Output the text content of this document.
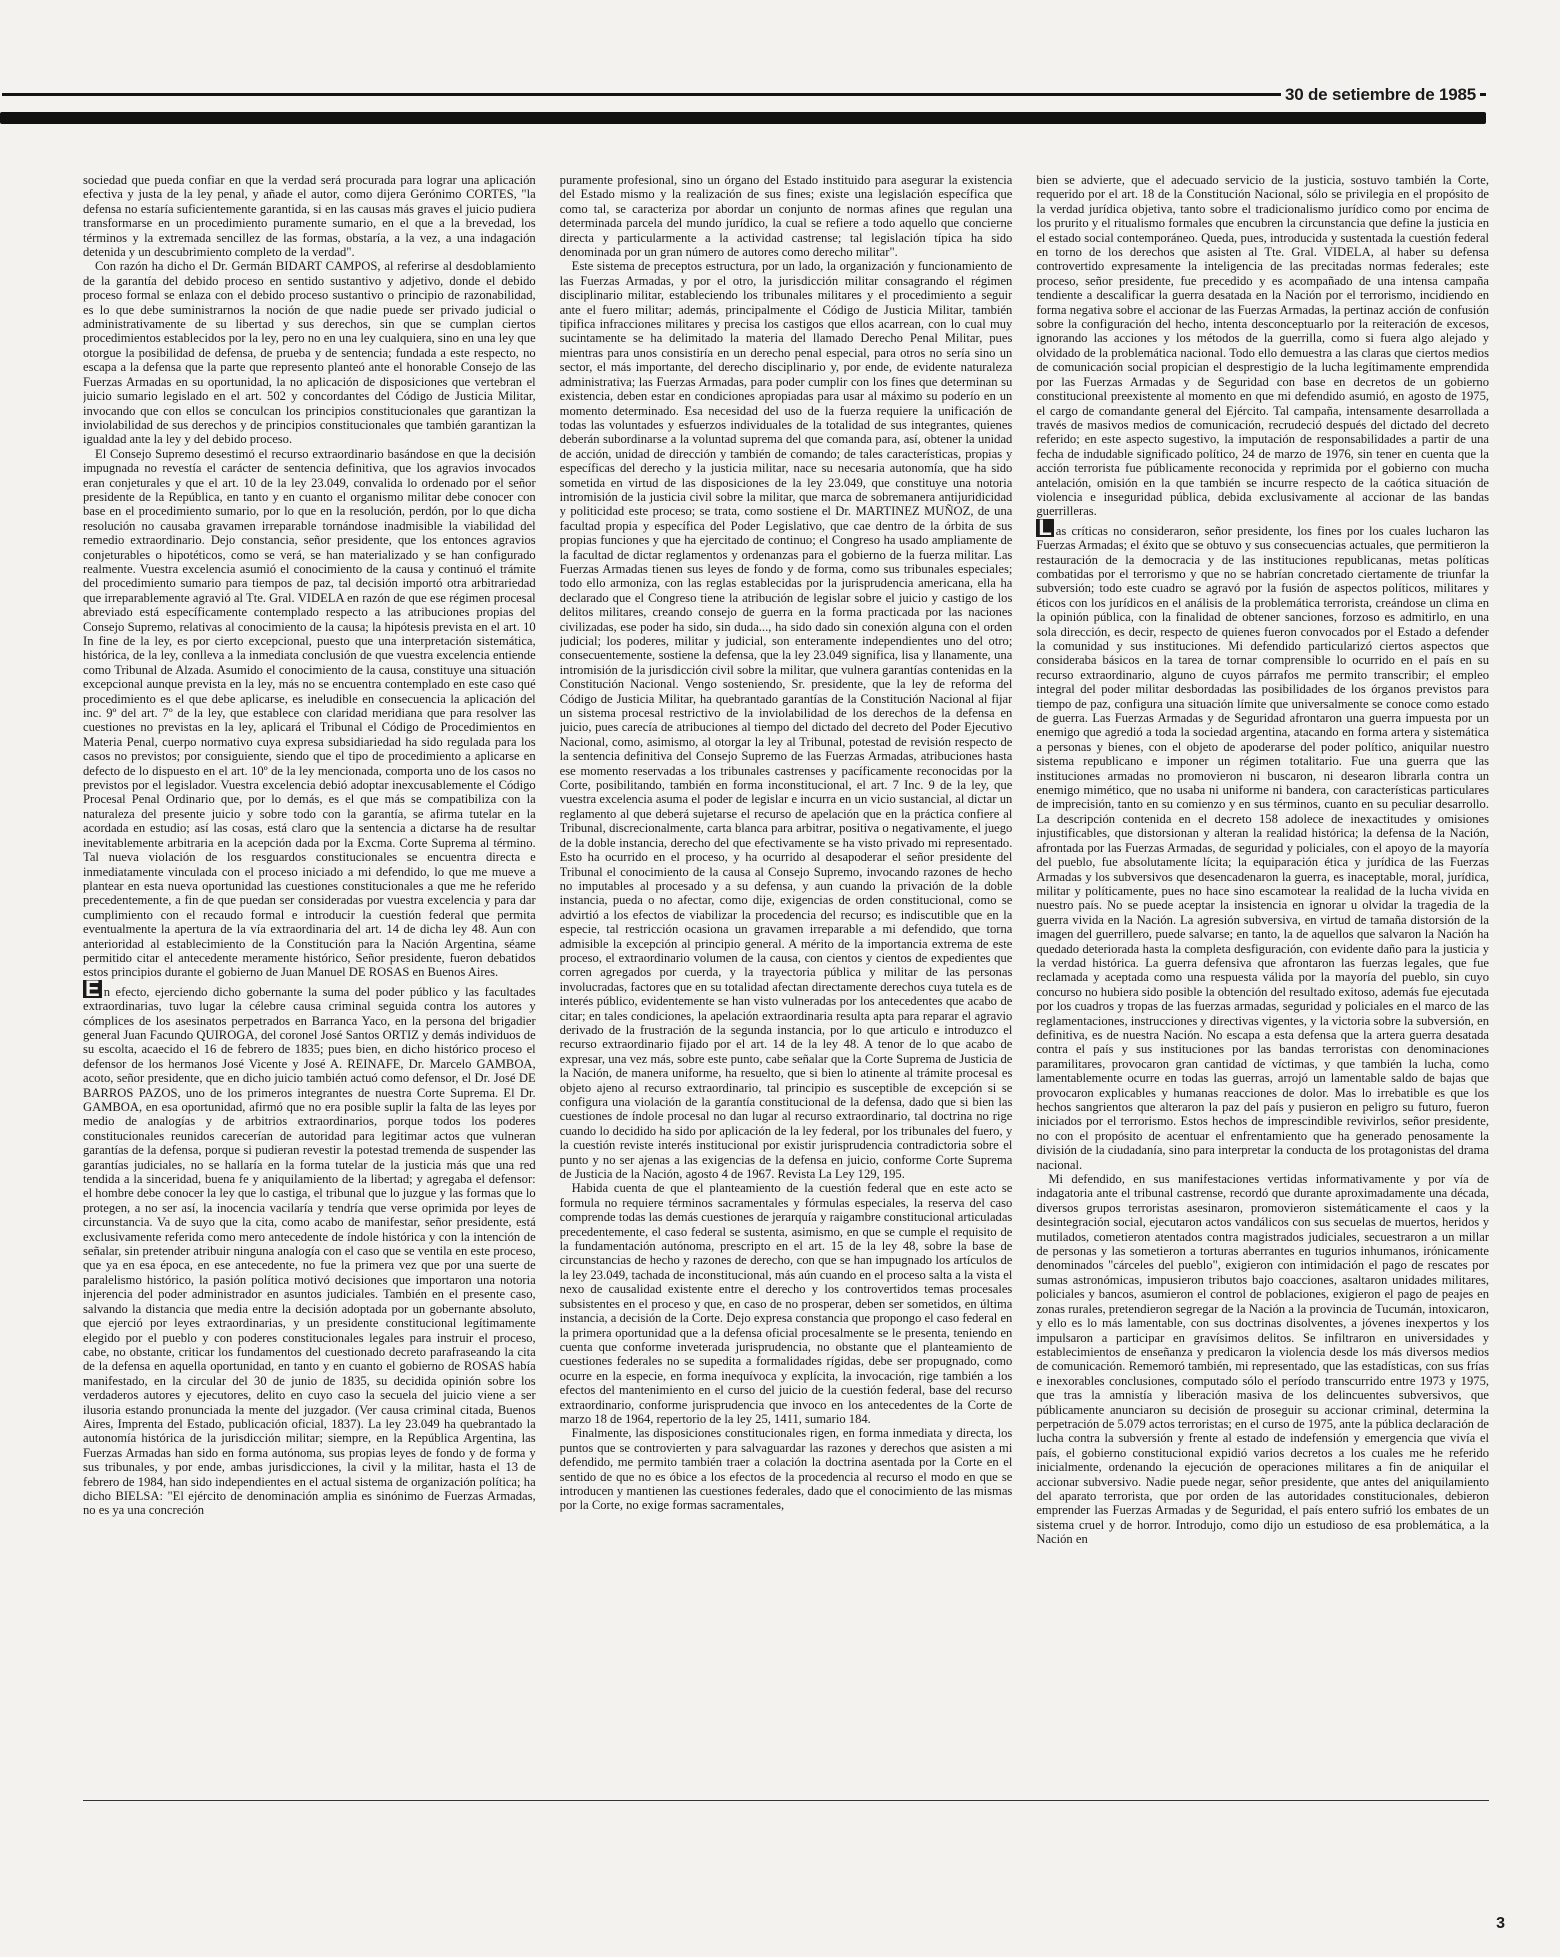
30 de setiembre de 1985

sociedad que pueda confiar en que la verdad será procurada para lograr una aplicación efectiva y justa de la ley penal, y añade el autor, como dijera Gerónimo CORTES, "la defensa no estaría suficientemente garantida, si en las causas más graves el juicio pudiera transformarse en un procedimiento puramente sumario, en el que a la brevedad, los términos y la extremada sencillez de las formas, obstaría, a la vez, a una indagación detenida y un descubrimiento completo de la verdad".

Con razón ha dicho el Dr. Germán BIDART CAMPOS, al referirse al desdoblamiento de la garantía del debido proceso en sentido sustantivo y adjetivo, donde el debido proceso formal se enlaza con el debido proceso sustantivo o principio de razonabilidad, es lo que debe suministrarnos la noción de que nadie puede ser privado judicial o administrativamente de su libertad y sus derechos, sin que se cumplan ciertos procedimientos establecidos por la ley, pero no en una ley cualquiera, sino en una ley que otorgue la posibilidad de defensa, de prueba y de sentencia; fundada a este respecto, no escapa a la defensa que la parte que represento planteó ante el honorable Consejo de las Fuerzas Armadas en su oportunidad, la no aplicación de disposiciones que vertebran el juicio sumario legislado en el art. 502 y concordantes del Código de Justicia Militar, invocando que con ellos se conculcan los principios constitucionales que garantizan la inviolabilidad de sus derechos y de principios constitucionales que también garantizan la igualdad ante la ley y del debido proceso.

El Consejo Supremo desestimó el recurso extraordinario basándose en que la decisión impugnada no revestía el carácter de sentencia definitiva, que los agravios invocados eran conjeturales y que el art. 10 de la ley 23.049, convalida lo ordenado por el señor presidente de la República, en tanto y en cuanto el organismo militar debe conocer con base en el procedimiento sumario, por lo que en la resolución, perdón, por lo que dicha resolución no causaba gravamen irreparable tornándose inadmisible la viabilidad del remedio extraordinario. Dejo constancia, señor presidente, que los entonces agravios conjeturables o hipotéticos, como se verá, se han materializado y se han configurado realmente. Vuestra excelencia asumió el conocimiento de la causa y continuó el trámite del procedimiento sumario para tiempos de paz, tal decisión importó otra arbitrariedad que irreparablemente agravió al Tte. Gral. VIDELA en razón de que ese régimen procesal abreviado está específicamente contemplado respecto a las atribuciones propias del Consejo Supremo, relativas al conocimiento de la causa; la hipótesis prevista en el art. 10 In fine de la ley, es por cierto excepcional, puesto que una interpretación sistemática, histórica, de la ley, conlleva a la inmediata conclusión de que vuestra excelencia entiende como Tribunal de Alzada. Asumido el conocimiento de la causa, constituye una situación excepcional aunque prevista en la ley, más no se encuentra contemplado en este caso qué procedimiento es el que debe aplicarse, es ineludible en consecuencia la aplicación del inc. 9º del art. 7º de la ley, que establece con claridad meridiana que para resolver las cuestiones no previstas en la ley, aplicará el Tribunal el Código de Procedimientos en Materia Penal, cuerpo normativo cuya expresa subsidiariedad ha sido regulada para los casos no previstos; por consiguiente, siendo que el tipo de procedimiento a aplicarse en defecto de lo dispuesto en el art. 10º de la ley mencionada, comporta uno de los casos no previstos por el legislador. Vuestra excelencia debió adoptar inexcusablemente el Código Procesal Penal Ordinario que, por lo demás, es el que más se compatibiliza con la naturaleza del presente juicio y sobre todo con la garantía, se afirma tutelar en la acordada en estudio; así las cosas, está claro que la sentencia a dictarse ha de resultar inevitablemente arbitraria en la acepción dada por la Excma. Corte Suprema al término. Tal nueva violación de los resguardos constitucionales se encuentra directa e inmediatamente vinculada con el proceso iniciado a mi defendido, lo que me mueve a plantear en esta nueva oportunidad las cuestiones constitucionales a que me he referido precedentemente, a fin de que puedan ser consideradas por vuestra excelencia y para dar cumplimiento con el recaudo formal e introducir la cuestión federal que permita eventualmente la apertura de la vía extraordinaria del art. 14 de dicha ley 48. Aun con anterioridad al establecimiento de la Constitución para la Nación Argentina, séame permitido citar el antecedente meramente histórico, Señor presidente, fueron debatidos estos principios durante el gobierno de Juan Manuel DE ROSAS en Buenos Aires.

E n efecto, ejerciendo dicho gobernante la suma del poder público y las facultades extraordinarias, tuvo lugar la célebre causa criminal seguida contra los autores y cómplices de los asesinatos perpetrados en Barranca Yaco, en la persona del brigadier general Juan Facundo QUIROGA, del coronel José Santos ORTIZ y demás individuos de su escolta, acaecido el 16 de febrero de 1835; pues bien, en dicho histórico proceso el defensor de los hermanos José Vicente y José A. REINAFE, Dr. Marcelo GAMBOA, acoto, señor presidente, que en dicho juicio también actuó como defensor, el Dr. José DE BARROS PAZOS, uno de los primeros integrantes de nuestra Corte Suprema. El Dr. GAMBOA, en esa oportunidad, afirmó que no era posible suplir la falta de las leyes por medio de analogías y de arbitrios extraordinarios, porque todos los poderes constitucionales reunidos carecerían de autoridad para legitimar actos que vulneran garantías de la defensa, porque si pudieran revestir la potestad tremenda de suspender las garantías judiciales, no se hallaría en la forma tutelar de la justicia más que una red tendida a la sinceridad, buena fe y aniquilamiento de la libertad; y agregaba el defensor: el hombre debe conocer la ley que lo castiga, el tribunal que lo juzgue y las formas que lo protegen, a no ser así, la inocencia vacilaría y tendría que verse oprimida por leyes de circunstancia. Va de suyo que la cita, como acabo de manifestar, señor presidente, está exclusivamente referida como mero antecedente de índole histórica y con la intención de señalar, sin pretender atribuir ninguna analogía con el caso que se ventila en este proceso, que ya en esa época, en ese antecedente, no fue la primera vez que por una suerte de paralelismo histórico, la pasión política motivó decisiones que importaron una notoria injerencia del poder administrador en asuntos judiciales. También en el presente caso, salvando la distancia que media entre la decisión adoptada por un gobernante absoluto, que ejerció por leyes extraordinarias, y un presidente constitucional legítimamente elegido por el pueblo y con poderes constitucionales legales para instruir el proceso, cabe, no obstante, criticar los fundamentos del cuestionado decreto parafraseando la cita de la defensa en aquella oportunidad, en tanto y en cuanto el gobierno de ROSAS había manifestado, en la circular del 30 de junio de 1835, su decidida opinión sobre los verdaderos autores y ejecutores, delito en cuyo caso la secuela del juicio viene a ser ilusoria estando pronunciada la mente del juzgador. (Ver causa criminal citada, Buenos Aires, Imprenta del Estado, publicación oficial, 1837). La ley 23.049 ha quebrantado la autonomía histórica de la jurisdicción militar; siempre, en la República Argentina, las Fuerzas Armadas han sido en forma autónoma, sus propias leyes de fondo y de forma y sus tribunales, y por ende, ambas jurisdicciones, la civil y la militar, hasta el 13 de febrero de 1984, han sido independientes en el actual sistema de organización política; ha dicho BIELSA: "El ejército de denominación amplia es sinónimo de Fuerzas Armadas, no es ya una concreción

puramente profesional, sino un órgano del Estado instituido para asegurar la existencia del Estado mismo y la realización de sus fines; existe una legislación específica que como tal, se caracteriza por abordar un conjunto de normas afines que regulan una determinada parcela del mundo jurídico, la cual se refiere a todo aquello que concierne directa y particularmente a la actividad castrense; tal legislación típica ha sido denominada por un gran número de autores como derecho militar".

Este sistema de preceptos estructura, por un lado, la organización y funcionamiento de las Fuerzas Armadas, y por el otro, la jurisdicción militar consagrando el régimen disciplinario militar, estableciendo los tribunales militares y el procedimiento a seguir ante el fuero militar; además, principalmente el Código de Justicia Militar, también tipifica infracciones militares y precisa los castigos que ellos acarrean, con lo cual muy sucintamente se ha delimitado la materia del llamado Derecho Penal Militar, pues mientras para unos consistiría en un derecho penal especial, para otros no sería sino un sector, el más importante, del derecho disciplinario y, por ende, de evidente naturaleza administrativa; las Fuerzas Armadas, para poder cumplir con los fines que determinan su existencia, deben estar en condiciones apropiadas para usar al máximo su poderío en un momento determinado. Esa necesidad del uso de la fuerza requiere la unificación de todas las voluntades y esfuerzos individuales de la totalidad de sus integrantes, quienes deberán subordinarse a la voluntad suprema del que comanda para, así, obtener la unidad de acción, unidad de dirección y también de comando; de tales características, propias y específicas del derecho y la justicia militar, nace su necesaria autonomía, que ha sido sometida en virtud de las disposiciones de la ley 23.049, que constituye una notoria intromisión de la justicia civil sobre la militar, que marca de sobremanera antijuridicidad y politicidad este proceso; se trata, como sostiene el Dr. MARTINEZ MUÑOZ, de una facultad propia y específica del Poder Legislativo, que cae dentro de la órbita de sus propias funciones y que ha ejercitado de continuo; el Congreso ha usado ampliamente de la facultad de dictar reglamentos y ordenanzas para el gobierno de la fuerza militar. Las Fuerzas Armadas tienen sus leyes de fondo y de forma, como sus tribunales especiales; todo ello armoniza, con las reglas establecidas por la jurisprudencia americana, ella ha declarado que el Congreso tiene la atribución de legislar sobre el juicio y castigo de los delitos militares, creando consejo de guerra en la forma practicada por las naciones civilizadas, ese poder ha sido, sin duda..., ha sido dado sin conexión alguna con el orden judicial; los poderes, militar y judicial, son enteramente independientes uno del otro; consecuentemente, sostiene la defensa, que la ley 23.049 significa, lisa y llanamente, una intromisión de la jurisdicción civil sobre la militar, que vulnera garantías contenidas en la Constitución Nacional. Vengo sosteniendo, Sr. presidente, que la ley de reforma del Código de Justicia Militar, ha quebrantado garantías de la Constitución Nacional al fijar un sistema procesal restrictivo de la inviolabilidad de los derechos de la defensa en juicio, pues carecía de atribuciones al tiempo del dictado del decreto del Poder Ejecutivo Nacional, como, asimismo, al otorgar la ley al Tribunal, potestad de revisión respecto de la sentencia definitiva del Consejo Supremo de las Fuerzas Armadas, atribuciones hasta ese momento reservadas a los tribunales castrenses y pacíficamente reconocidas por la Corte, posibilitando, también en forma inconstitucional, el art. 7 Inc. 9 de la ley, que vuestra excelencia asuma el poder de legislar e incurra en un vicio sustancial, al dictar un reglamento al que deberá sujetarse el recurso de apelación que en la práctica confiere al Tribunal, discrecionalmente, carta blanca para arbitrar, positiva o negativamente, el juego de la doble instancia, derecho del que efectivamente se ha visto privado mi representado. Esto ha ocurrido en el proceso, y ha ocurrido al desapoderar el señor presidente del Tribunal el conocimiento de la causa al Consejo Supremo, invocando razones de hecho no imputables al procesado y a su defensa, y aun cuando la privación de la doble instancia, pueda o no afectar, como dije, exigencias de orden constitucional, como se advirtió a los efectos de viabilizar la procedencia del recurso; es indiscutible que en la especie, tal restricción ocasiona un gravamen irreparable a mi defendido, que torna admisible la excepción al principio general. A mérito de la importancia extrema de este proceso, el extraordinario volumen de la causa, con cientos y cientos de expedientes que corren agregados por cuerda, y la trayectoria pública y militar de las personas involucradas, factores que en su totalidad afectan directamente derechos cuya tutela es de interés público, evidentemente se han visto vulneradas por los antecedentes que acabo de citar; en tales condiciones, la apelación extraordinaria resulta apta para reparar el agravio derivado de la frustración de la segunda instancia, por lo que articulo e introduzco el recurso extraordinario fijado por el art. 14 de la ley 48. A tenor de lo que acabo de expresar, una vez más, sobre este punto, cabe señalar que la Corte Suprema de Justicia de la Nación, de manera uniforme, ha resuelto, que si bien lo atinente al trámite procesal es objeto ajeno al recurso extraordinario, tal principio es susceptible de excepción si se configura una violación de la garantía constitucional de la defensa, dado que si bien las cuestiones de índole procesal no dan lugar al recurso extraordinario, tal doctrina no rige cuando lo decidido ha sido por aplicación de la ley federal, por los tribunales del fuero, y la cuestión reviste interés institucional por existir jurisprudencia contradictoria sobre el punto y no ser ajenas a las exigencias de la defensa en juicio, conforme Corte Suprema de Justicia de la Nación, agosto 4 de 1967. Revista La Ley 129, 195.

Habida cuenta de que el planteamiento de la cuestión federal que en este acto se formula no requiere términos sacramentales y fórmulas especiales, la reserva del caso comprende todas las demás cuestiones de jerarquía y raigambre constitucional articuladas precedentemente, el caso federal se sustenta, asimismo, en que se cumple el requisito de la fundamentación autónoma, prescripto en el art. 15 de la ley 48, sobre la base de circunstancias de hecho y razones de derecho, con que se han impugnado los artículos de la ley 23.049, tachada de inconstitucional, más aún cuando en el proceso salta a la vista el nexo de causalidad existente entre el derecho y los controvertidos temas procesales subsistentes en el proceso y que, en caso de no prosperar, deben ser sometidos, en última instancia, a decisión de la Corte. Dejo expresa constancia que propongo el caso federal en la primera oportunidad que a la defensa oficial procesalmente se le presenta, teniendo en cuenta que conforme inveterada jurisprudencia, no obstante que el planteamiento de cuestiones federales no se supedita a formalidades rígidas, debe ser propugnado, como ocurre en la especie, en forma inequívoca y explícita, la invocación, rige también a los efectos del mantenimiento en el curso del juicio de la cuestión federal, base del recurso extraordinario, conforme jurisprudencia que invoco en los antecedentes de la Corte de marzo 18 de 1964, repertorio de la ley 25, 1411, sumario 184.

Finalmente, las disposiciones constitucionales rigen, en forma inmediata y directa, los puntos que se controvierten y para salvaguardar las razones y derechos que asisten a mi defendido, me permito también traer a colación la doctrina asentada por la Corte en el sentido de que no es óbice a los efectos de la procedencia al recurso el modo en que se introducen y mantienen las cuestiones federales, dado que el conocimiento de las mismas por la Corte, no exige formas sacramentales,

bien se advierte, que el adecuado servicio de la justicia, sostuvo también la Corte, requerido por el art. 18 de la Constitución Nacional, sólo se privilegia en el propósito de la verdad jurídica objetiva, tanto sobre el tradicionalismo jurídico como por encima de los prurito y el ritualismo formales que encubren la circunstancia que define la justicia en el estado social contemporáneo. Queda, pues, introducida y sustentada la cuestión federal en torno de los derechos que asisten al Tte. Gral. VIDELA, al haber su defensa controvertido expresamente la inteligencia de las precitadas normas federales; este proceso, señor presidente, fue precedido y es acompañado de una intensa campaña tendiente a descalificar la guerra desatada en la Nación por el terrorismo, incidiendo en forma negativa sobre el accionar de las Fuerzas Armadas, la pertinaz acción de confusión sobre la configuración del hecho, intenta desconceptuarlo por la reiteración de excesos, ignorando las acciones y los métodos de la guerrilla, como si fuera algo alejado y olvidado de la problemática nacional. Todo ello demuestra a las claras que ciertos medios de comunicación social propician el desprestigio de la lucha legítimamente emprendida por las Fuerzas Armadas y de Seguridad con base en decretos de un gobierno constitucional preexistente al momento en que mi defendido asumió, en agosto de 1975, el cargo de comandante general del Ejército. Tal campaña, intensamente desarrollada a través de masivos medios de comunicación, recrudeció después del dictado del decreto referido; en este aspecto sugestivo, la imputación de responsabilidades a partir de una fecha de indudable significado político, 24 de marzo de 1976, sin tener en cuenta que la acción terrorista fue públicamente reconocida y reprimida por el gobierno con mucha antelación, omisión en la que también se incurre respecto de la caótica situación de violencia e inseguridad pública, debida exclusivamente al accionar de las bandas guerrilleras.

L as críticas no consideraron, señor presidente, los fines por los cuales lucharon las Fuerzas Armadas; el éxito que se obtuvo y sus consecuencias actuales, que permitieron la restauración de la democracia y de las instituciones republicanas, metas políticas combatidas por el terrorismo y que no se habrían concretado ciertamente de triunfar la subversión; todo este cuadro se agravó por la fusión de aspectos políticos, militares y éticos con los jurídicos en el análisis de la problemática terrorista, creándose un clima en la opinión pública, con la finalidad de obtener sanciones, forzoso es admitirlo, en una sola dirección, es decir, respecto de quienes fueron convocados por el Estado a defender la comunidad y sus instituciones. Mi defendido particularizó ciertos aspectos que consideraba básicos en la tarea de tornar comprensible lo ocurrido en el país en su recurso extraordinario, alguno de cuyos párrafos me permito transcribir; el empleo integral del poder militar desbordadas las posibilidades de los órganos previstos para tiempo de paz, configura una situación límite que universalmente se conoce como estado de guerra. Las Fuerzas Armadas y de Seguridad afrontaron una guerra impuesta por un enemigo que agredió a toda la sociedad argentina, atacando en forma artera y sistemática a personas y bienes, con el objeto de apoderarse del poder político, aniquilar nuestro sistema republicano e imponer un régimen totalitario. Fue una guerra que las instituciones armadas no promovieron ni buscaron, ni desearon librarla contra un enemigo mimético, que no usaba ni uniforme ni bandera, con características particulares de imprecisión, tanto en su comienzo y en sus términos, cuanto en su peculiar desarrollo. La descripción contenida en el decreto 158 adolece de inexactitudes y omisiones injustificables, que distorsionan y alteran la realidad histórica; la defensa de la Nación, afrontada por las Fuerzas Armadas, de seguridad y policiales, con el apoyo de la mayoría del pueblo, fue absolutamente lícita; la equiparación ética y jurídica de las Fuerzas Armadas y los subversivos que desencadenaron la guerra, es inaceptable, moral, jurídica, militar y políticamente, pues no hace sino escamotear la realidad de la lucha vivida en nuestro país. No se puede aceptar la insistencia en ignorar u olvidar la tragedia de la guerra vivida en la Nación. La agresión subversiva, en virtud de tamaña distorsión de la imagen del guerrillero, puede salvarse; en tanto, la de aquellos que salvaron la Nación ha quedado deteriorada hasta la completa desfiguración, con evidente daño para la justicia y la verdad histórica. La guerra defensiva que afrontaron las fuerzas legales, que fue reclamada y aceptada como una respuesta válida por la mayoría del pueblo, sin cuyo concurso no hubiera sido posible la obtención del resultado exitoso, además fue ejecutada por los cuadros y tropas de las fuerzas armadas, seguridad y policiales en el marco de las reglamentaciones, instrucciones y directivas vigentes, y la victoria sobre la subversión, en definitiva, es de nuestra Nación. No escapa a esta defensa que la artera guerra desatada contra el país y sus instituciones por las bandas terroristas con denominaciones paramilitares, provocaron gran cantidad de víctimas, y que también la lucha, como lamentablemente ocurre en todas las guerras, arrojó un lamentable saldo de bajas que provocaron explicables y humanas reacciones de dolor. Mas lo irrebatible es que los hechos sangrientos que alteraron la paz del país y pusieron en peligro su futuro, fueron iniciados por el terrorismo. Estos hechos de imprescindible revivirlos, señor presidente, no con el propósito de acentuar el enfrentamiento que ha generado penosamente la división de la ciudadanía, sino para interpretar la conducta de los protagonistas del drama nacional.

Mi defendido, en sus manifestaciones vertidas informativamente y por vía de indagatoria ante el tribunal castrense, recordó que durante aproximadamente una década, diversos grupos terroristas asesinaron, promovieron sistemáticamente el caos y la desintegración social, ejecutaron actos vandálicos con sus secuelas de muertos, heridos y mutilados, cometieron atentados contra magistrados judiciales, secuestraron a un millar de personas y las sometieron a torturas aberrantes en tugurios inhumanos, irónicamente denominados "cárceles del pueblo", exigieron con intimidación el pago de rescates por sumas astronómicas, impusieron tributos bajo coacciones, asaltaron unidades militares, policiales y bancos, asumieron el control de poblaciones, exigieron el pago de peajes en zonas rurales, pretendieron segregar de la Nación a la provincia de Tucumán, intoxicaron, y ello es lo más lamentable, con sus doctrinas disolventes, a jóvenes inexpertos y los impulsaron a participar en gravísimos delitos. Se infiltraron en universidades y establecimientos de enseñanza y predicaron la violencia desde los más diversos medios de comunicación. Rememoró también, mi representado, que las estadísticas, con sus frías e inexorables conclusiones, computado sólo el período transcurrido entre 1973 y 1975, que tras la amnistía y liberación masiva de los delincuentes subversivos, que públicamente anunciaron su decisión de proseguir su accionar criminal, determina la perpetración de 5.079 actos terroristas; en el curso de 1975, ante la pública declaración de lucha contra la subversión y frente al estado de indefensión y emergencia que vivía el país, el gobierno constitucional expidió varios decretos a los cuales me he referido inicialmente, ordenando la ejecución de operaciones militares a fin de aniquilar el accionar subversivo. Nadie puede negar, señor presidente, que antes del aniquilamiento del aparato terrorista, que por orden de las autoridades constitucionales, debieron emprender las Fuerzas Armadas y de Seguridad, el país entero sufrió los embates de un sistema cruel y de horror. Introdujo, como dijo un estudioso de esa problemática, a la Nación en

3
